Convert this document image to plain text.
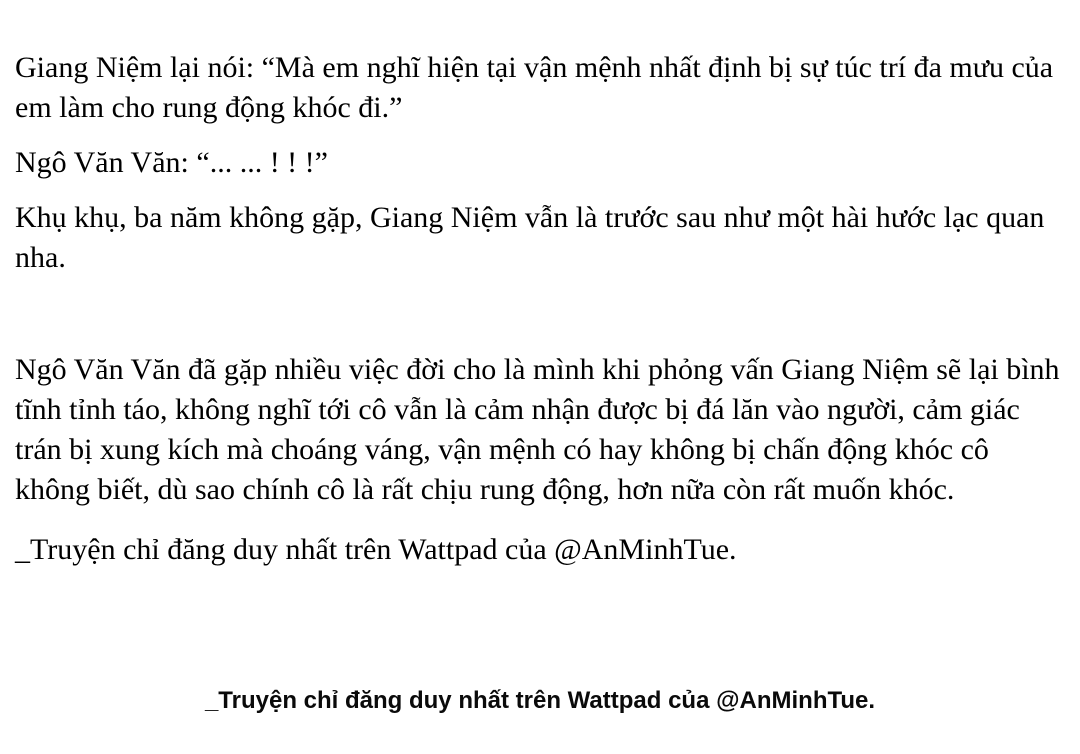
Giang Niệm lại nói: “Mà em nghĩ hiện tại vận mệnh nhất định bị sự túc trí đa mưu của em làm cho rung động khóc đi.”

Ngô Văn Văn: “... ... ! ! !”

Khụ khụ, ba năm không gặp, Giang Niệm vẫn là trước sau như một hài hước lạc quan nha.

Ngô Văn Văn đã gặp nhiều việc đời cho là mình khi phỏng vấn Giang Niệm sẽ lại bình tĩnh tỉnh táo, không nghĩ tới cô vẫn là cảm nhận được bị đá lăn vào người, cảm giác trán bị xung kích mà choáng váng, vận mệnh có hay không bị chấn động khóc cô không biết, dù sao chính cô là rất chịu rung động, hơn nữa còn rất muốn khóc.

_Truyện chỉ đăng duy nhất trên Wattpad của @AnMinhTue.

_Truyện chỉ đăng duy nhất trên Wattpad của @AnMinhTue.
